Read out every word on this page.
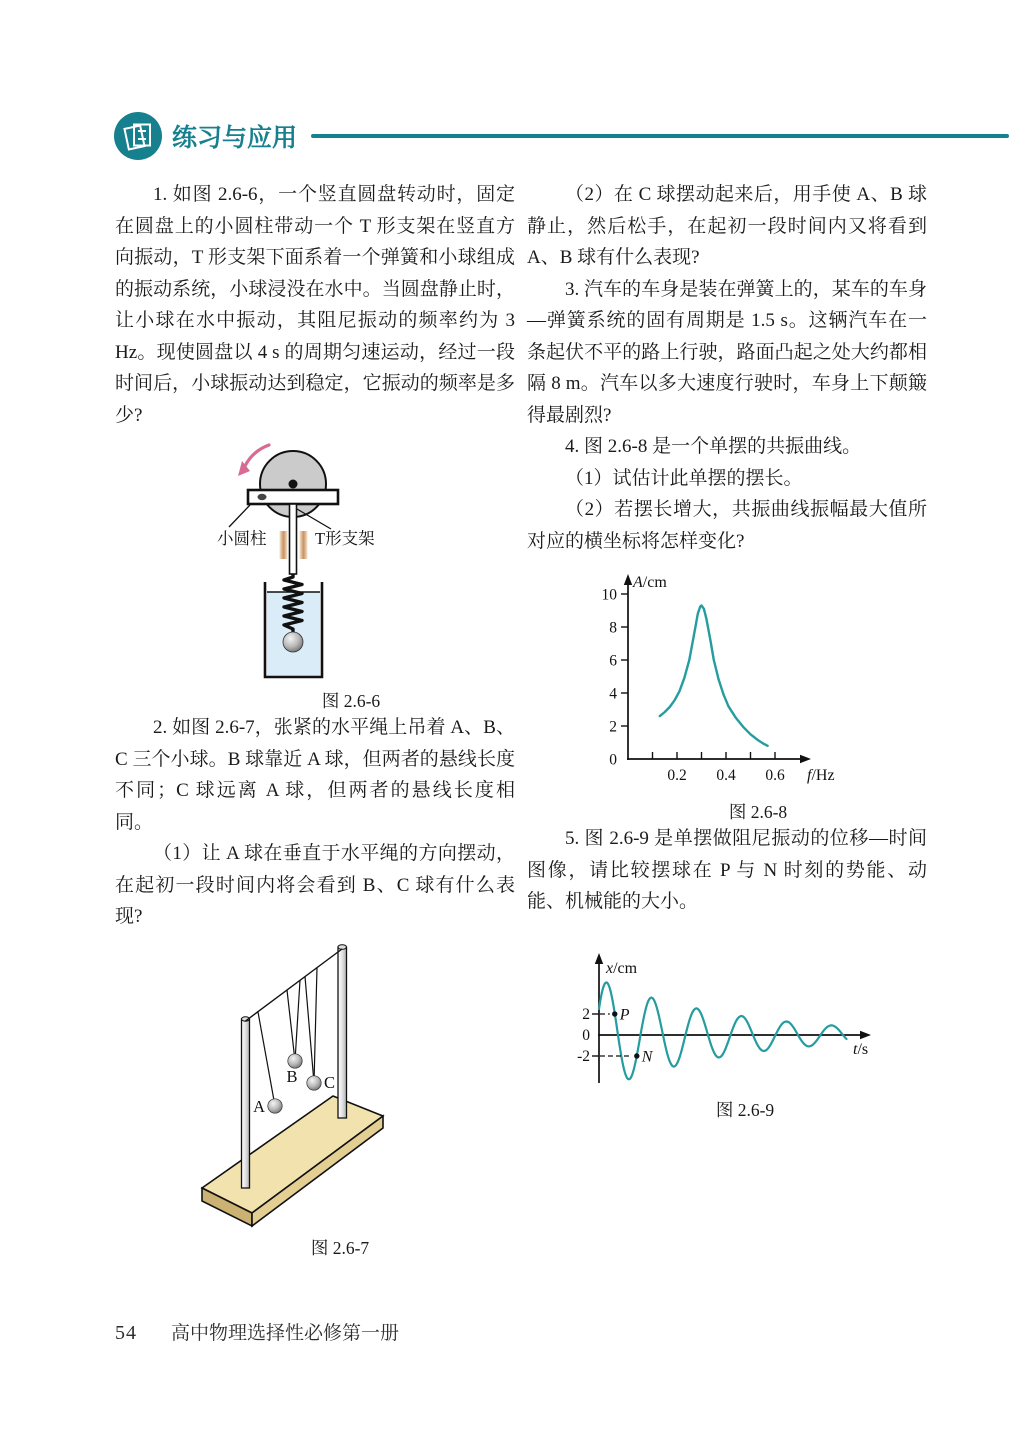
练习与应用

1. 如图 2.6-6，一个竖直圆盘转动时，固定在圆盘上的小圆柱带动一个 T 形支架在竖直方向振动，T 形支架下面系着一个弹簧和小球组成的振动系统，小球浸没在水中。当圆盘静止时，让小球在水中振动，其阻尼振动的频率约为 3 Hz。现使圆盘以 4 s 的周期匀速运动，经过一段时间后，小球振动达到稳定，它振动的频率是多少?

小圆柱	T形支架
图 2.6-6

2. 如图 2.6-7，张紧的水平绳上吊着 A、B、C 三个小球。B 球靠近 A 球，但两者的悬线长度不同；C 球远离 A 球，但两者的悬线长度相同。

（1）让 A 球在垂直于水平绳的方向摆动，在起初一段时间内将会看到 B、C 球有什么表现?

A
B C
图 2.6-7

（2）在 C 球摆动起来后，用手使 A、B 球静止，然后松手，在起初一段时间内又将看到 A、B 球有什么表现?

3. 汽车的车身是装在弹簧上的，某车的车身—弹簧系统的固有周期是 1.5 s。这辆汽车在一条起伏不平的路上行驶，路面凸起之处大约都相隔 8 m。汽车以多大速度行驶时，车身上下颠簸得最剧烈?

4. 图 2.6-8 是一个单摆的共振曲线。

（1）试估计此单摆的摆长。

（2）若摆长增大，共振曲线振幅最大值所对应的横坐标将怎样变化?

0
2
4
6
8
10
0.2 0.4 0.6
A/cm
f/Hz
图 2.6-8

5. 图 2.6-9 是单摆做阻尼振动的位移—时间图像，请比较摆球在 P 与 N 时刻的势能、动能、机械能的大小。

2
0
-2
x/cm
t/s
P
N
图 2.6-9
54 高中物理选择性必修第一册
